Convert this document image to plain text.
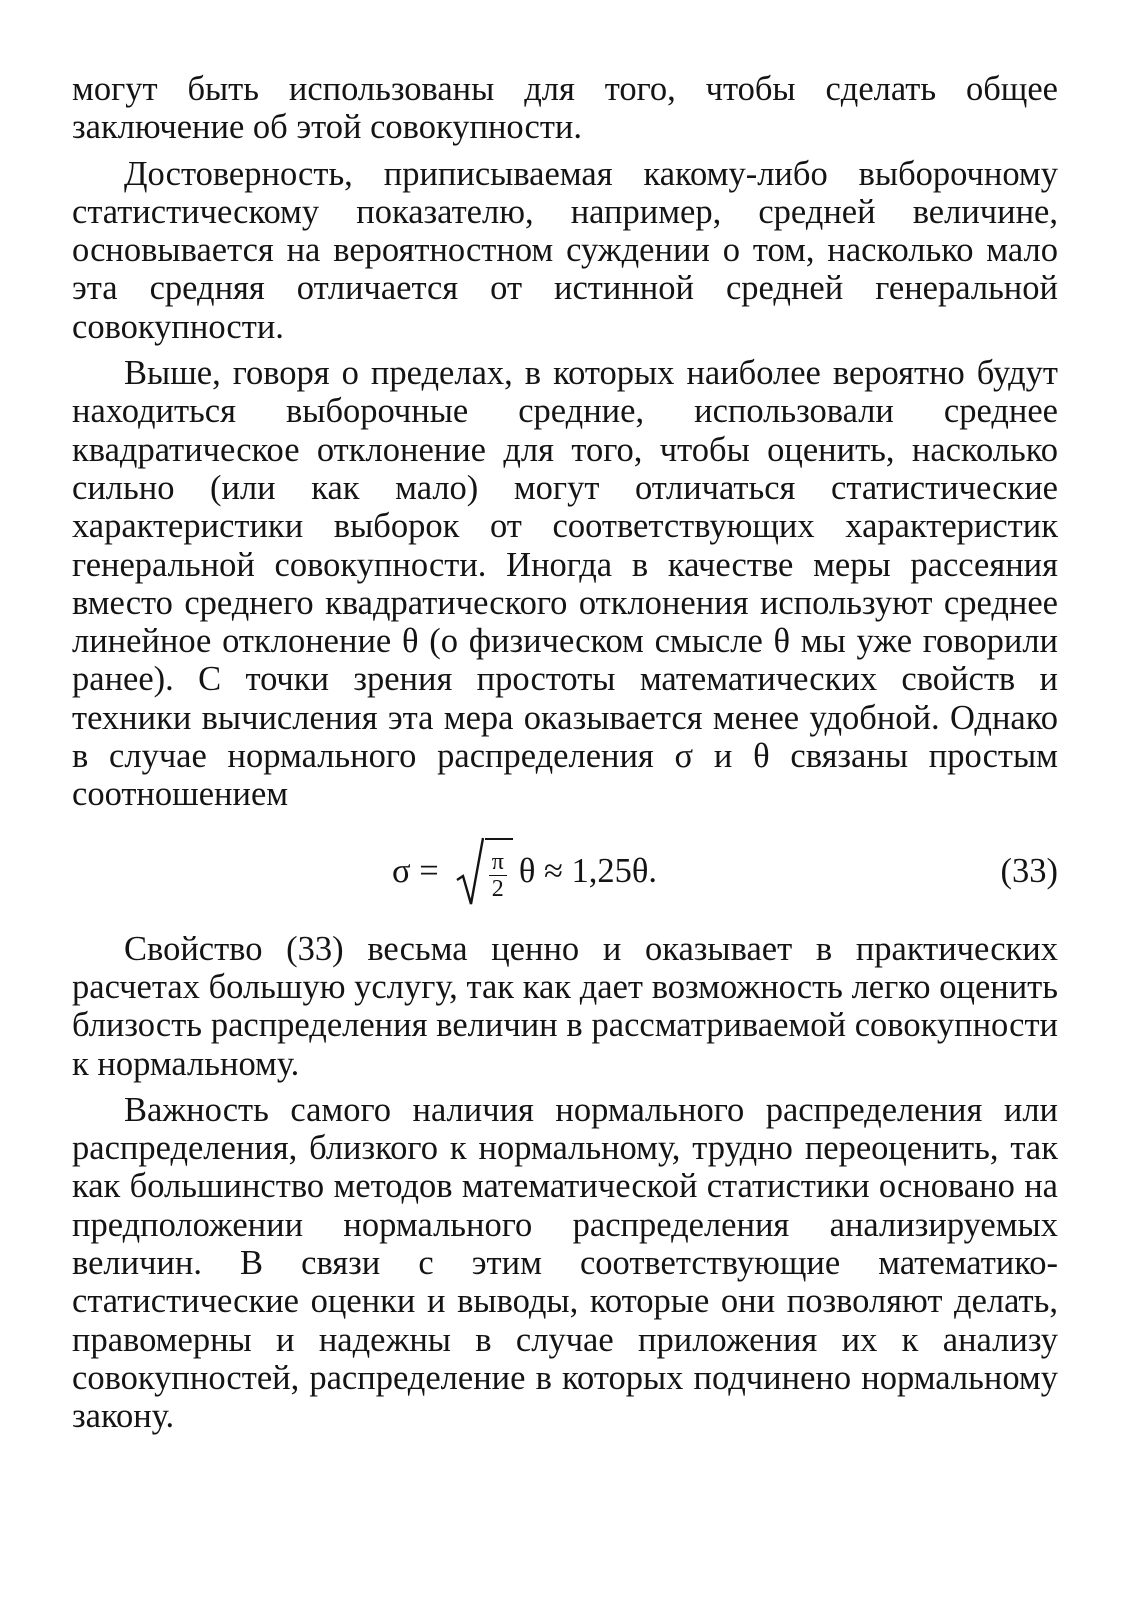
могут быть использованы для того, чтобы сделать общее заключение об этой совокупности.

Достоверность, приписываемая какому-либо выборочному статистическому показателю, например, средней величине, основывается на вероятностном суждении о том, насколько мало эта средняя отличается от истинной средней генеральной совокупности.

Выше, говоря о пределах, в которых наиболее вероятно будут находиться выборочные средние, использовали среднее квадратическое отклонение для того, чтобы оценить, насколько сильно (или как мало) могут отличаться статистические характеристики выборок от соответствующих характеристик генеральной совокупности. Иногда в качестве меры рассеяния вместо среднего квадратического отклонения используют среднее линейное отклонение θ (о физическом смысле θ мы уже говорили ранее). С точки зрения простоты математических свойств и техники вычисления эта мера оказывается менее удобной. Однако в случае нормального распределения σ и θ связаны простым соотношением

$\sigma = \frac{\pi}{2}$ θ ≈ 1,25θ.	(33)

Свойство (33) весьма ценно и оказывает в практических расчетах большую услугу, так как дает возможность легко оценить близость распределения величин в рассматриваемой совокупности к нормальному.

Важность самого наличия нормального распределения или распределения, близкого к нормальному, трудно переоценить, так как большинство методов математической статистики основано на предположении нормального распределения анализируемых величин. В связи с этим соответствующие математико-статистические оценки и выводы, которые они позволяют делать, правомерны и надежны в случае приложения их к анализу совокупностей, распределение в которых подчинено нормальному закону.
